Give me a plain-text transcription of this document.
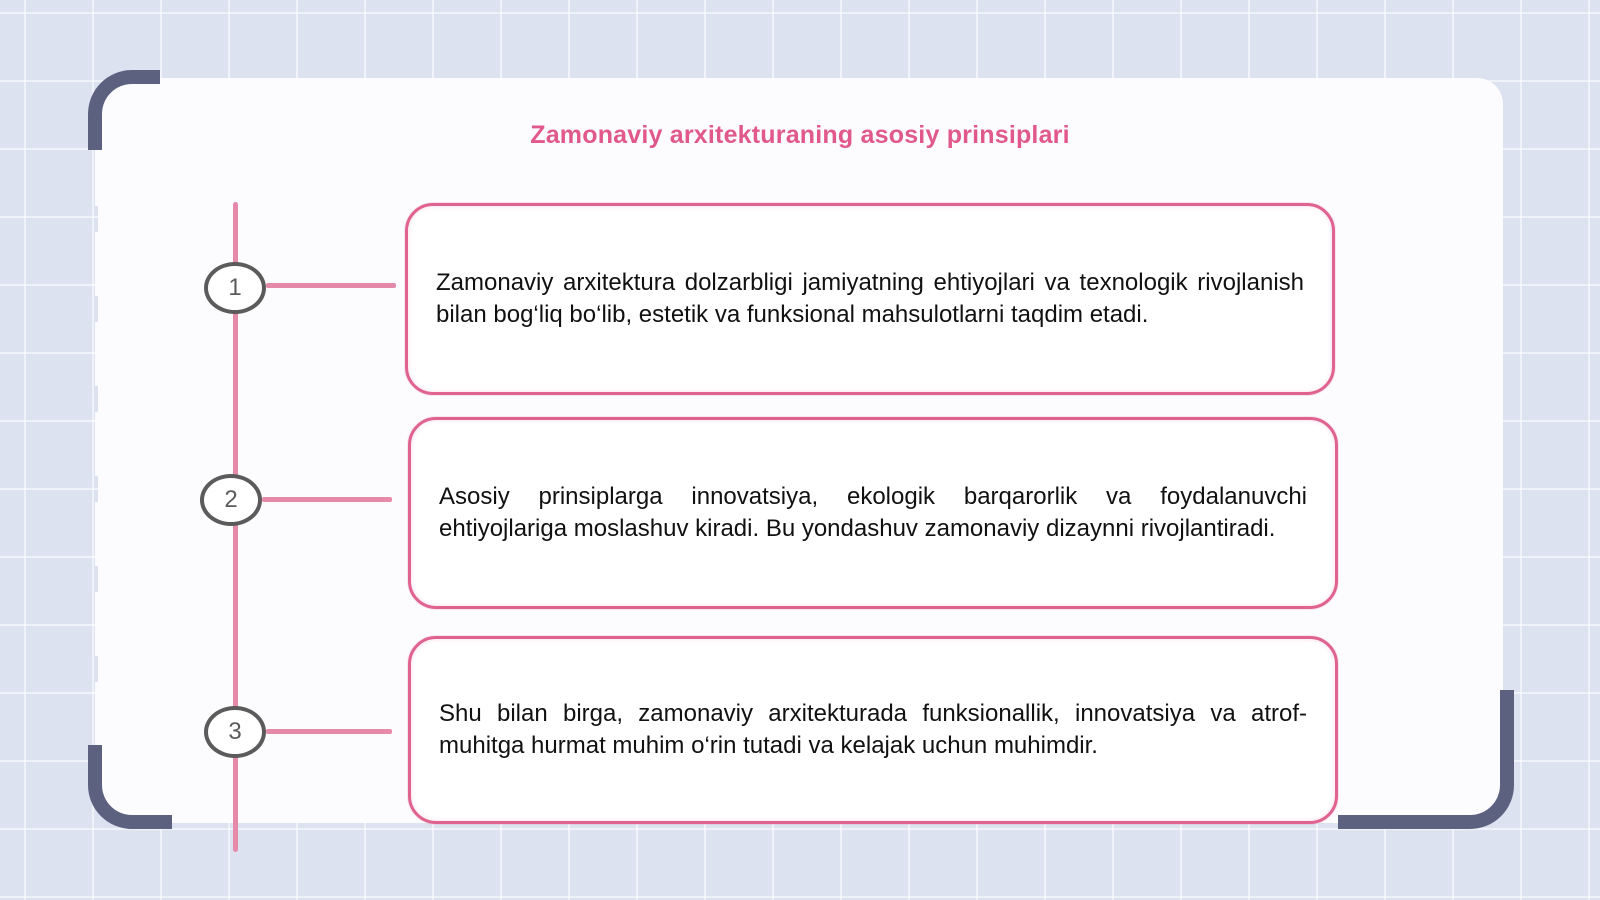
Zamonaviy arxitekturaning asosiy prinsiplari
1
2
3
Zamonaviy arxitektura dolzarbligi jamiyatning ehtiyojlari va texnologik rivojlanish bilan bog‘liq bo‘lib, estetik va funksional mahsulotlarni taqdim etadi.
Asosiy prinsiplarga innovatsiya, ekologik barqarorlik va foydalanuvchi ehtiyojlariga moslashuv kiradi. Bu yondashuv zamonaviy dizaynni rivojlantiradi.
Shu bilan birga, zamonaviy arxitekturada funksionallik, innovatsiya va atrof-muhitga hurmat muhim o‘rin tutadi va kelajak uchun muhimdir.
